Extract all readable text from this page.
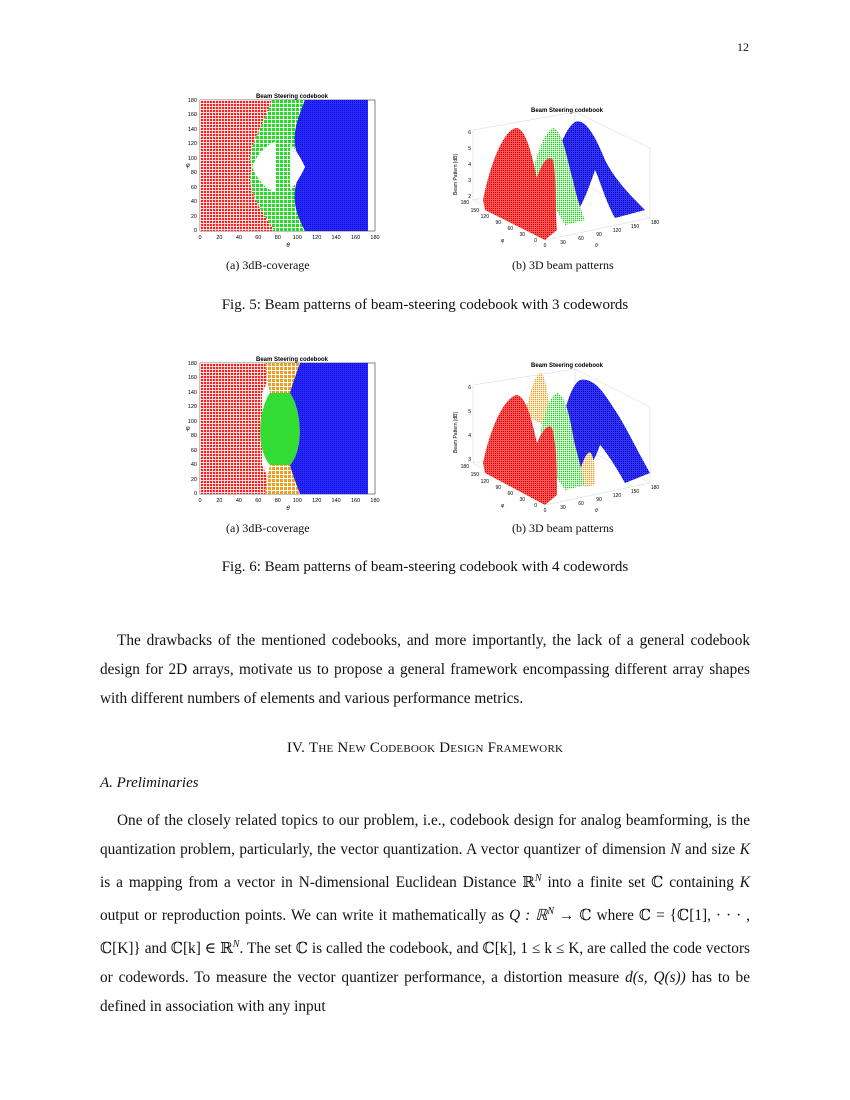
12
Beam Steering codebook
0
20
40
60
80
100
120
140
160
180
φ
0	20 40 60 80 100 120 140 160 180
θ
(a) 3dB-coverage
Beam Steering codebook
Beam Pattern [dB]
2
3
4
5
6
0	30
60
90
120
150
180
0
30
60
90
120
150
180
θ
φ
(b) 3D beam patterns
Fig. 5: Beam patterns of beam-steering codebook with 3 codewords
Beam Steering codebook
0
20
40
60
80
100
120
140
160
180
φ
0	20 40 60 80 100 120 140 160 180
θ
(a) 3dB-coverage
Beam Steering codebook
Beam Pattern [dB]
3
4
5
6
0	30
60
90
120
150
180
0
30
60
90
120
150
180
θ
φ
(b) 3D beam patterns
Fig. 6: Beam patterns of beam-steering codebook with 4 codewords
The drawbacks of the mentioned codebooks, and more importantly, the lack of a general codebook design for 2D arrays, motivate us to propose a general framework encompassing different array shapes with different numbers of elements and various performance metrics.
IV. The New Codebook Design Framework
A. Preliminaries
One of the closely related topics to our problem, i.e., codebook design for analog beamforming, is the quantization problem, particularly, the vector quantization. A vector quantizer of dimension N and size K is a mapping from a vector in N-dimensional Euclidean Distance ℝ$^N$ into a finite set ℂ containing K output or reproduction points. We can write it mathematically as Q : ℝ$^N$ → ℂ where ℂ = {ℂ[1], · · · , ℂ[K]} and ℂ[k] ∈ ℝ$^N$. The set ℂ is called the codebook, and ℂ[k], 1 ≤ k ≤ K, are called the code vectors or codewords. To measure the vector quantizer performance, a distortion measure d(s, Q(s)) has to be defined in association with any input
